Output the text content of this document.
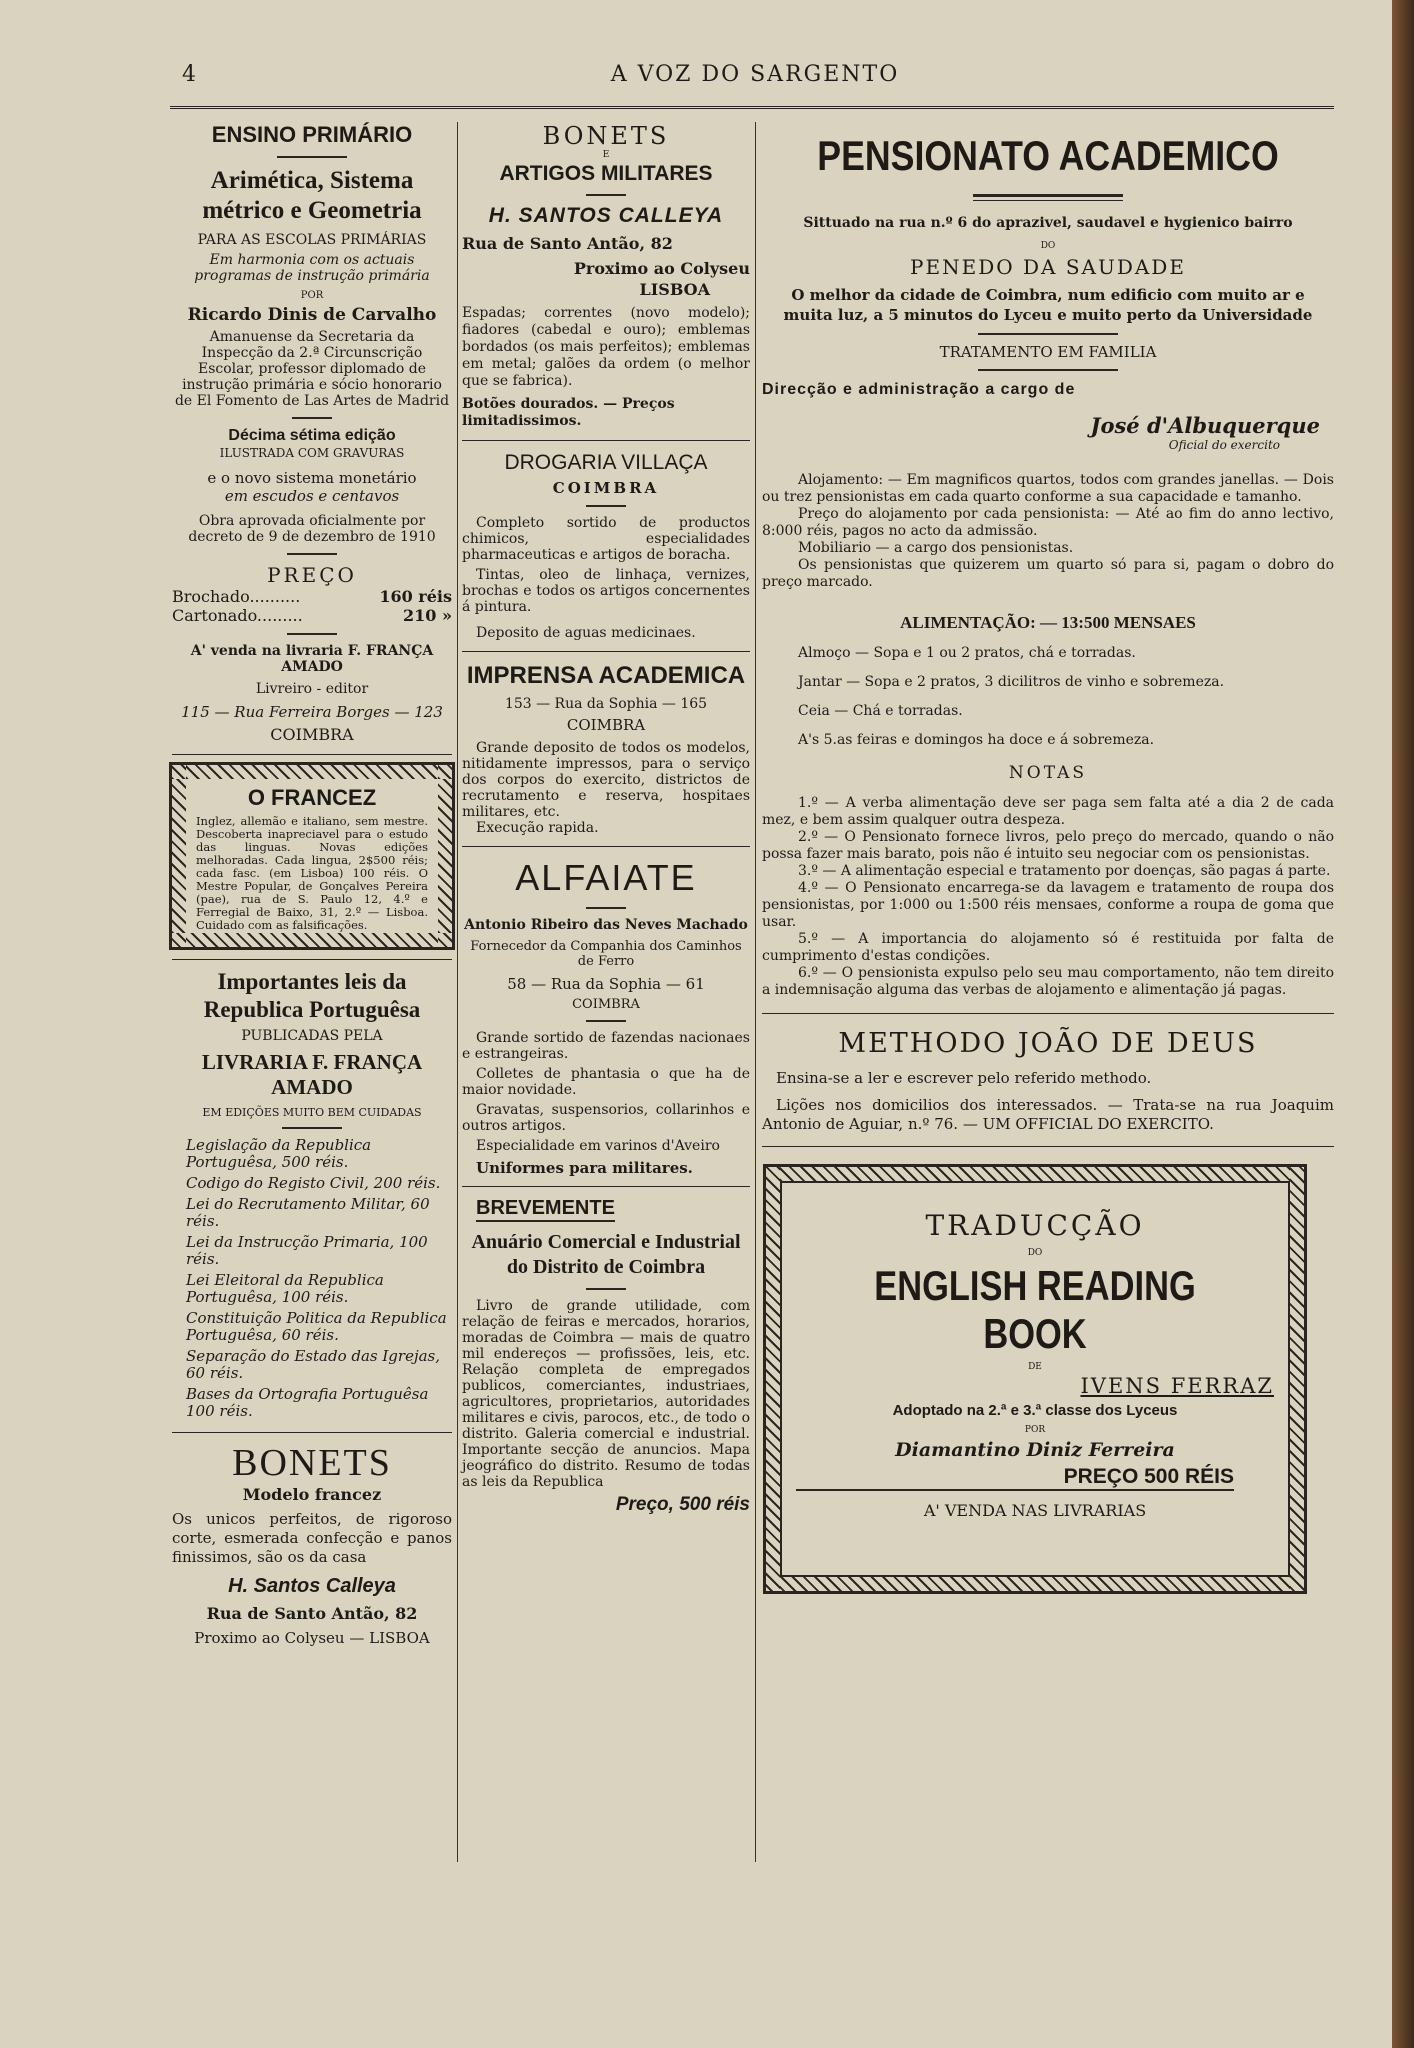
4	A VOZ DO SARGENTO
ENSINO PRIMÁRIO
Arimética, Sistema métrico e Geometria
PARA AS ESCOLAS PRIMÁRIAS
Em harmonia com os actuais programas de instrução primária
POR
Ricardo Dinis de Carvalho
Amanuense da Secretaria da Inspecção da 2.ª Circunscrição Escolar, professor diplomado de instrução primária e sócio honorario de El Fomento de Las Artes de Madrid
Décima sétima edição
ILUSTRADA COM GRAVURAS
e o novo sistema monetário
em escudos e centavos
Obra aprovada oficialmente por decreto de 9 de dezembro de 1910
PREÇO
Brochado..........	160 réis
Cartonado.........	210 »
A' venda na livraria F. FRANÇA AMADO
Livreiro - editor
115 — Rua Ferreira Borges — 123
COIMBRA
O FRANCEZ
Inglez, allemão e italiano, sem mestre. Descoberta inapreciavel para o estudo das linguas. Novas edições melhoradas. Cada lingua, 2$500 réis; cada fasc. (em Lisboa) 100 réis. O Mestre Popular, de Gonçalves Pereira (pae), rua de S. Paulo 12, 4.º e Ferregial de Baixo, 31, 2.º — Lisboa. Cuidado com as falsificações.
Importantes leis da Republica Portuguêsa
PUBLICADAS PELA
LIVRARIA F. FRANÇA AMADO
EM EDIÇÕES MUITO BEM CUIDADAS

Legislação da Republica Portuguêsa, 500 réis.

Codigo do Registo Civil, 200 réis.

Lei do Recrutamento Militar, 60 réis.

Lei da Instrucção Primaria, 100 réis.

Lei Eleitoral da Republica Portuguêsa, 100 réis.

Constituição Politica da Republica Portuguêsa, 60 réis.

Separação do Estado das Igrejas, 60 réis.

Bases da Ortografia Portuguêsa 100 réis.

BONETS
Modelo francez
Os unicos perfeitos, de rigoroso corte, esmerada confecção e panos finissimos, são os da casa
H. Santos Calleya
Rua de Santo Antão, 82
Proximo ao Colyseu — LISBOA
BONETS
E
ARTIGOS MILITARES
H. SANTOS CALLEYA
Rua de Santo Antão, 82
Proximo ao Colyseu
LISBOA
Espadas; correntes (novo modelo); fiadores (cabedal e ouro); emblemas bordados (os mais perfeitos); emblemas em metal; galões da ordem (o melhor que se fabrica).
Botões dourados. — Preços limitadissimos.
DROGARIA VILLAÇA
COIMBRA

Completo sortido de productos chimicos, especialidades pharmaceuticas e artigos de boracha.

Tintas, oleo de linhaça, vernizes, brochas e todos os artigos concernentes á pintura.

Deposito de aguas medicinaes.

IMPRENSA ACADEMICA
153 — Rua da Sophia — 165
COIMBRA

Grande deposito de todos os modelos, nitidamente impressos, para o serviço dos corpos do exercito, districtos de recrutamento e reserva, hospitaes militares, etc.

Execução rapida.

ALFAIATE
Antonio Ribeiro das Neves Machado
Fornecedor da Companhia dos Caminhos de Ferro
58 — Rua da Sophia — 61
COIMBRA

Grande sortido de fazendas nacionaes e estrangeiras.

Colletes de phantasia o que ha de maior novidade.

Gravatas, suspensorios, collarinhos e outros artigos.

Especialidade em varinos d'Aveiro

Uniformes para militares.

BREVEMENTE
Anuário Comercial e Industrial do Distrito de Coimbra

Livro de grande utilidade, com relação de feiras e mercados, horarios, moradas de Coimbra — mais de quatro mil endereços — profissões, leis, etc. Relação completa de empregados publicos, comerciantes, industriaes, agricultores, proprietarios, autoridades militares e civis, parocos, etc., de todo o distrito. Galeria comercial e industrial. Importante secção de anuncios. Mapa jeográfico do distrito. Resumo de todas as leis da Republica

Preço, 500 réis
PENSIONATO ACADEMICO
Sittuado na rua n.º 6 do aprazivel, saudavel e hygienico bairro
DO
PENEDO DA SAUDADE
O melhor da cidade de Coimbra, num edificio com muito ar e muita luz, a 5 minutos do Lyceu e muito perto da Universidade
TRATAMENTO EM FAMILIA
Direcção e administração a cargo de
José d'Albuquerque
Oficial do exercito

Alojamento: — Em magnificos quartos, todos com grandes janellas. — Dois ou trez pensionistas em cada quarto conforme a sua capacidade e tamanho.

Preço do alojamento por cada pensionista: — Até ao fim do anno lectivo, 8:000 réis, pagos no acto da admissão.

Mobiliario — a cargo dos pensionistas.

Os pensionistas que quizerem um quarto só para si, pagam o dobro do preço marcado.

ALIMENTAÇÃO: — 13:500 MENSAES

Almoço — Sopa e 1 ou 2 pratos, chá e torradas.

Jantar — Sopa e 2 pratos, 3 dicilitros de vinho e sobremeza.

Ceia — Chá e torradas.

A's 5.as feiras e domingos ha doce e á sobremeza.

NOTAS

1.º — A verba alimentação deve ser paga sem falta até a dia 2 de cada mez, e bem assim qualquer outra despeza.

2.º — O Pensionato fornece livros, pelo preço do mercado, quando o não possa fazer mais barato, pois não é intuito seu negociar com os pensionistas.

3.º — A alimentação especial e tratamento por doenças, são pagas á parte.

4.º — O Pensionato encarrega-se da lavagem e tratamento de roupa dos pensionistas, por 1:000 ou 1:500 réis mensaes, conforme a roupa de goma que usar.

5.º — A importancia do alojamento só é restituida por falta de cumprimento d'estas condições.

6.º — O pensionista expulso pelo seu mau comportamento, não tem direito a indemnisação alguma das verbas de alojamento e alimentação já pagas.

METHODO JOÃO DE DEUS

Ensina-se a ler e escrever pelo referido methodo.

Lições nos domicilios dos interessados. — Trata-se na rua Joaquim Antonio de Aguiar, n.º 76. — UM OFFICIAL DO EXERCITO.

TRADUCÇÃO
DO
ENGLISH READING BOOK
DE
IVENS FERRAZ
Adoptado na 2.ª e 3.ª classe dos Lyceus
POR
Diamantino Diniz Ferreira
PREÇO 500 RÉIS
A' VENDA NAS LIVRARIAS
